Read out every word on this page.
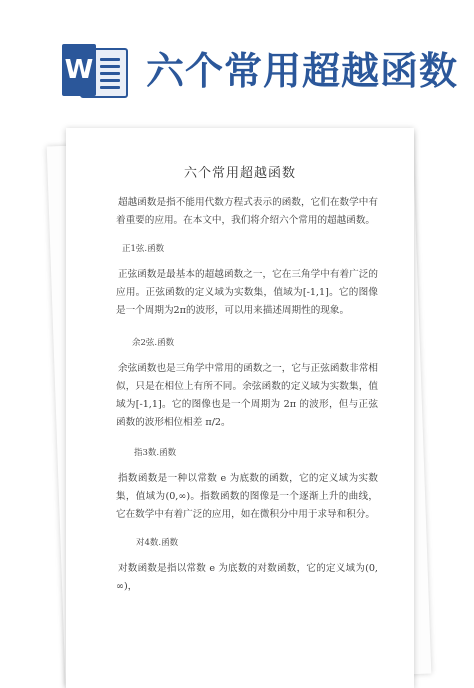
W 六个常用超越函数
六个常用超越函数
超越函数是指不能用代数方程式表示的函数，它们在数学中有着重要的应用。在本文中，我们将介绍六个常用的超越函数。
正1弦.函数
正弦函数是最基本的超越函数之一，它在三角学中有着广泛的应用。正弦函数的定义域为实数集，值域为[-1,1]。它的图像是一个周期为2π的波形，可以用来描述周期性的现象。
余2弦.函数
余弦函数也是三角学中常用的函数之一，它与正弦函数非常相似，只是在相位上有所不同。余弦函数的定义域为实数集，值域为[-1,1]。它的图像也是一个周期为 2π 的波形，但与正弦函数的波形相位相差 π/2。
指3数.函数
指数函数是一种以常数 e 为底数的函数，它的定义域为实数集，值域为(0,∞)。指数函数的图像是一个逐渐上升的曲线，它在数学中有着广泛的应用，如在微积分中用于求导和积分。
对4数.函数
对数函数是指以常数 e 为底数的对数函数，它的定义域为(0,∞)，
